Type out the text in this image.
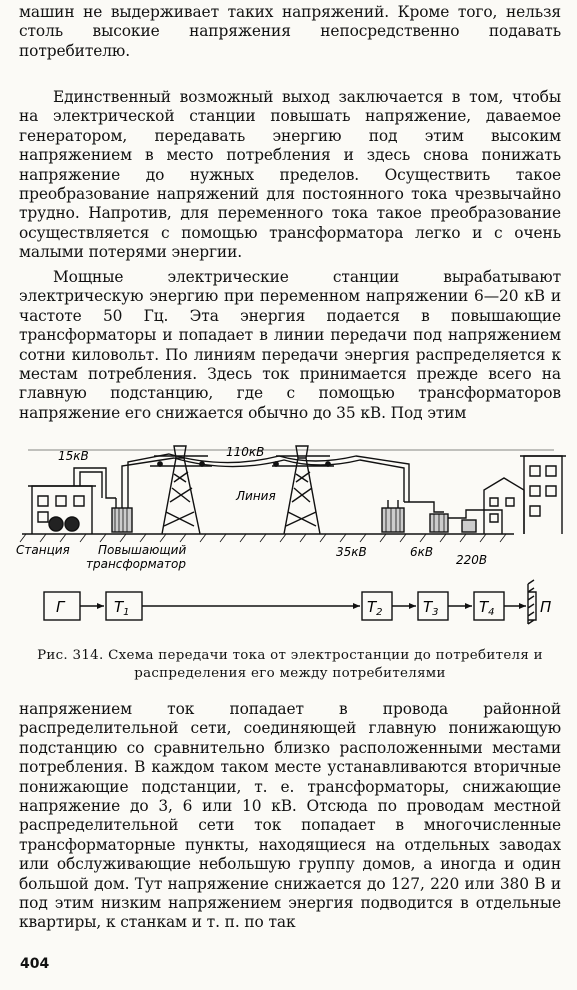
машин не выдерживает таких напряжений. Кроме того, нельзя столь высокие напряжения непосредственно подавать потребителю.

Единственный возможный выход заключается в том, чтобы на электрической станции повышать напряжение, даваемое генератором, передавать энергию под этим высоким напряжением в место потребления и здесь снова понижать напряжение до нужных пределов. Осуществить такое преобразование напряжений для постоянного тока чрезвычайно трудно. Напротив, для переменного тока такое преобразование осуществляется с помощью трансформатора легко и с очень малыми потерями энергии.

Мощные электрические станции вырабатывают электрическую энергию при переменном напряжении 6—20 кВ и частоте 50 Гц. Эта энергия подается в повышающие трансформаторы и попадает в линии передачи под напряжением сотни киловольт. По линиям передачи энергия распределяется к местам потребления. Здесь ток принимается прежде всего на главную подстанцию, где с помощью трансформаторов напряжение его снижается обычно до 35 кВ. Под этим

15кВ	110кВ
Линия
Станция Повышающий
трансформатор
35кВ	6кВ
220В
Г	$T_1$	$T_2$	$T_3$	$T_4$	П
Рис. 314. Схема передачи тока от электростанции до потребителя и распределения его между потребителями

напряжением ток попадает в провода районной распределительной сети, соединяющей главную понижающую подстанцию со сравнительно близко расположенными местами потребления. В каждом таком месте устанавливаются вторичные понижающие подстанции, т. е. трансформаторы, снижающие напряжение до 3, 6 или 10 кВ. Отсюда по проводам местной распределительной сети ток попадает в многочисленные трансформаторные пункты, находящиеся на отдельных заводах или обслуживающие небольшую группу домов, а иногда и один большой дом. Тут напряжение снижается до 127, 220 или 380 В и под этим низким напряжением энергия подводится в отдельные квартиры, к станкам и т. п. по так

404
